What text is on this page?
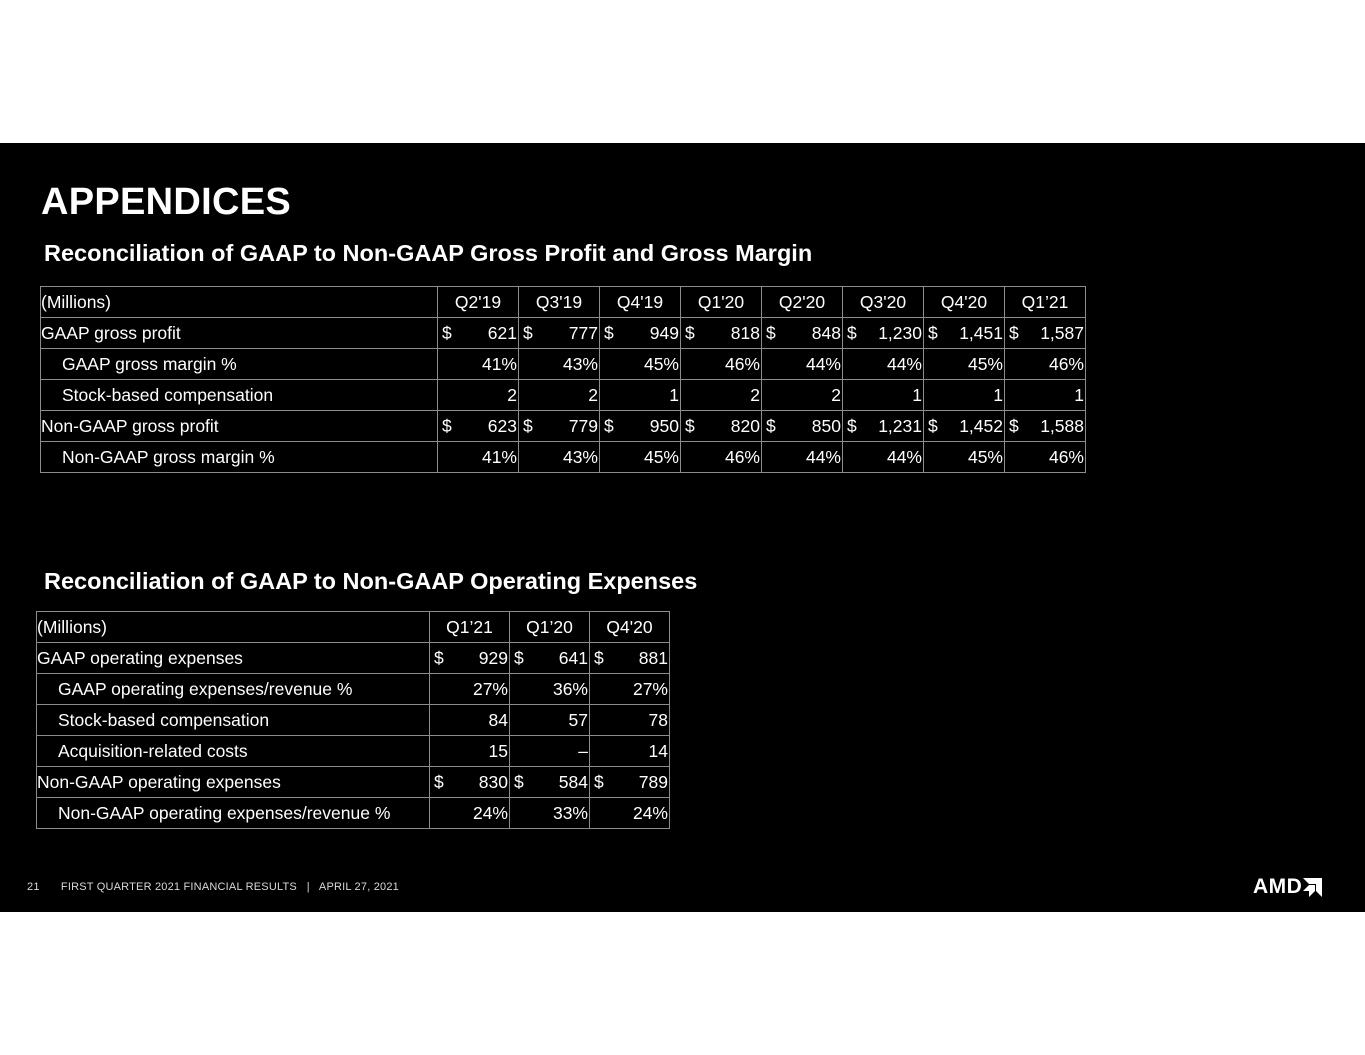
APPENDICES
Reconciliation of GAAP to Non-GAAP Gross Profit and Gross Margin
(Millions)	Q2'19	Q3'19	Q4'19	Q1'20	Q2'20	Q3'20	Q4'20	Q1’21
GAAP gross profit	$ 621	$ 777	$ 949	$ 818	$ 848	$ 1,230	$ 1,451	$ 1,587

GAAP gross margin %	41%	43%	45%	46%	44%	44%	45%	46%

Stock-based compensation	2	2	1	2	2	1	1	1

Non-GAAP gross profit	$ 623	$ 779	$ 950	$ 820	$ 850	$ 1,231	$ 1,452	$ 1,588

Non-GAAP gross margin %	41%	43%	45%	46%	44%	44%	45%	46%
Reconciliation of GAAP to Non-GAAP Operating Expenses
(Millions)	Q1’21	Q1’20	Q4'20
GAAP operating expenses	$ 929	$ 641	$ 881

GAAP operating expenses/revenue %	27%	36%	27%

Stock-based compensation	84	57	78

Acquisition-related costs	15	–	14

Non-GAAP operating expenses	$ 830	$ 584	$ 789

Non-GAAP operating expenses/revenue %	24%	33%	24%
21 FIRST QUARTER 2021 FINANCIAL RESULTS   |   APRIL 27, 2021	AMD
